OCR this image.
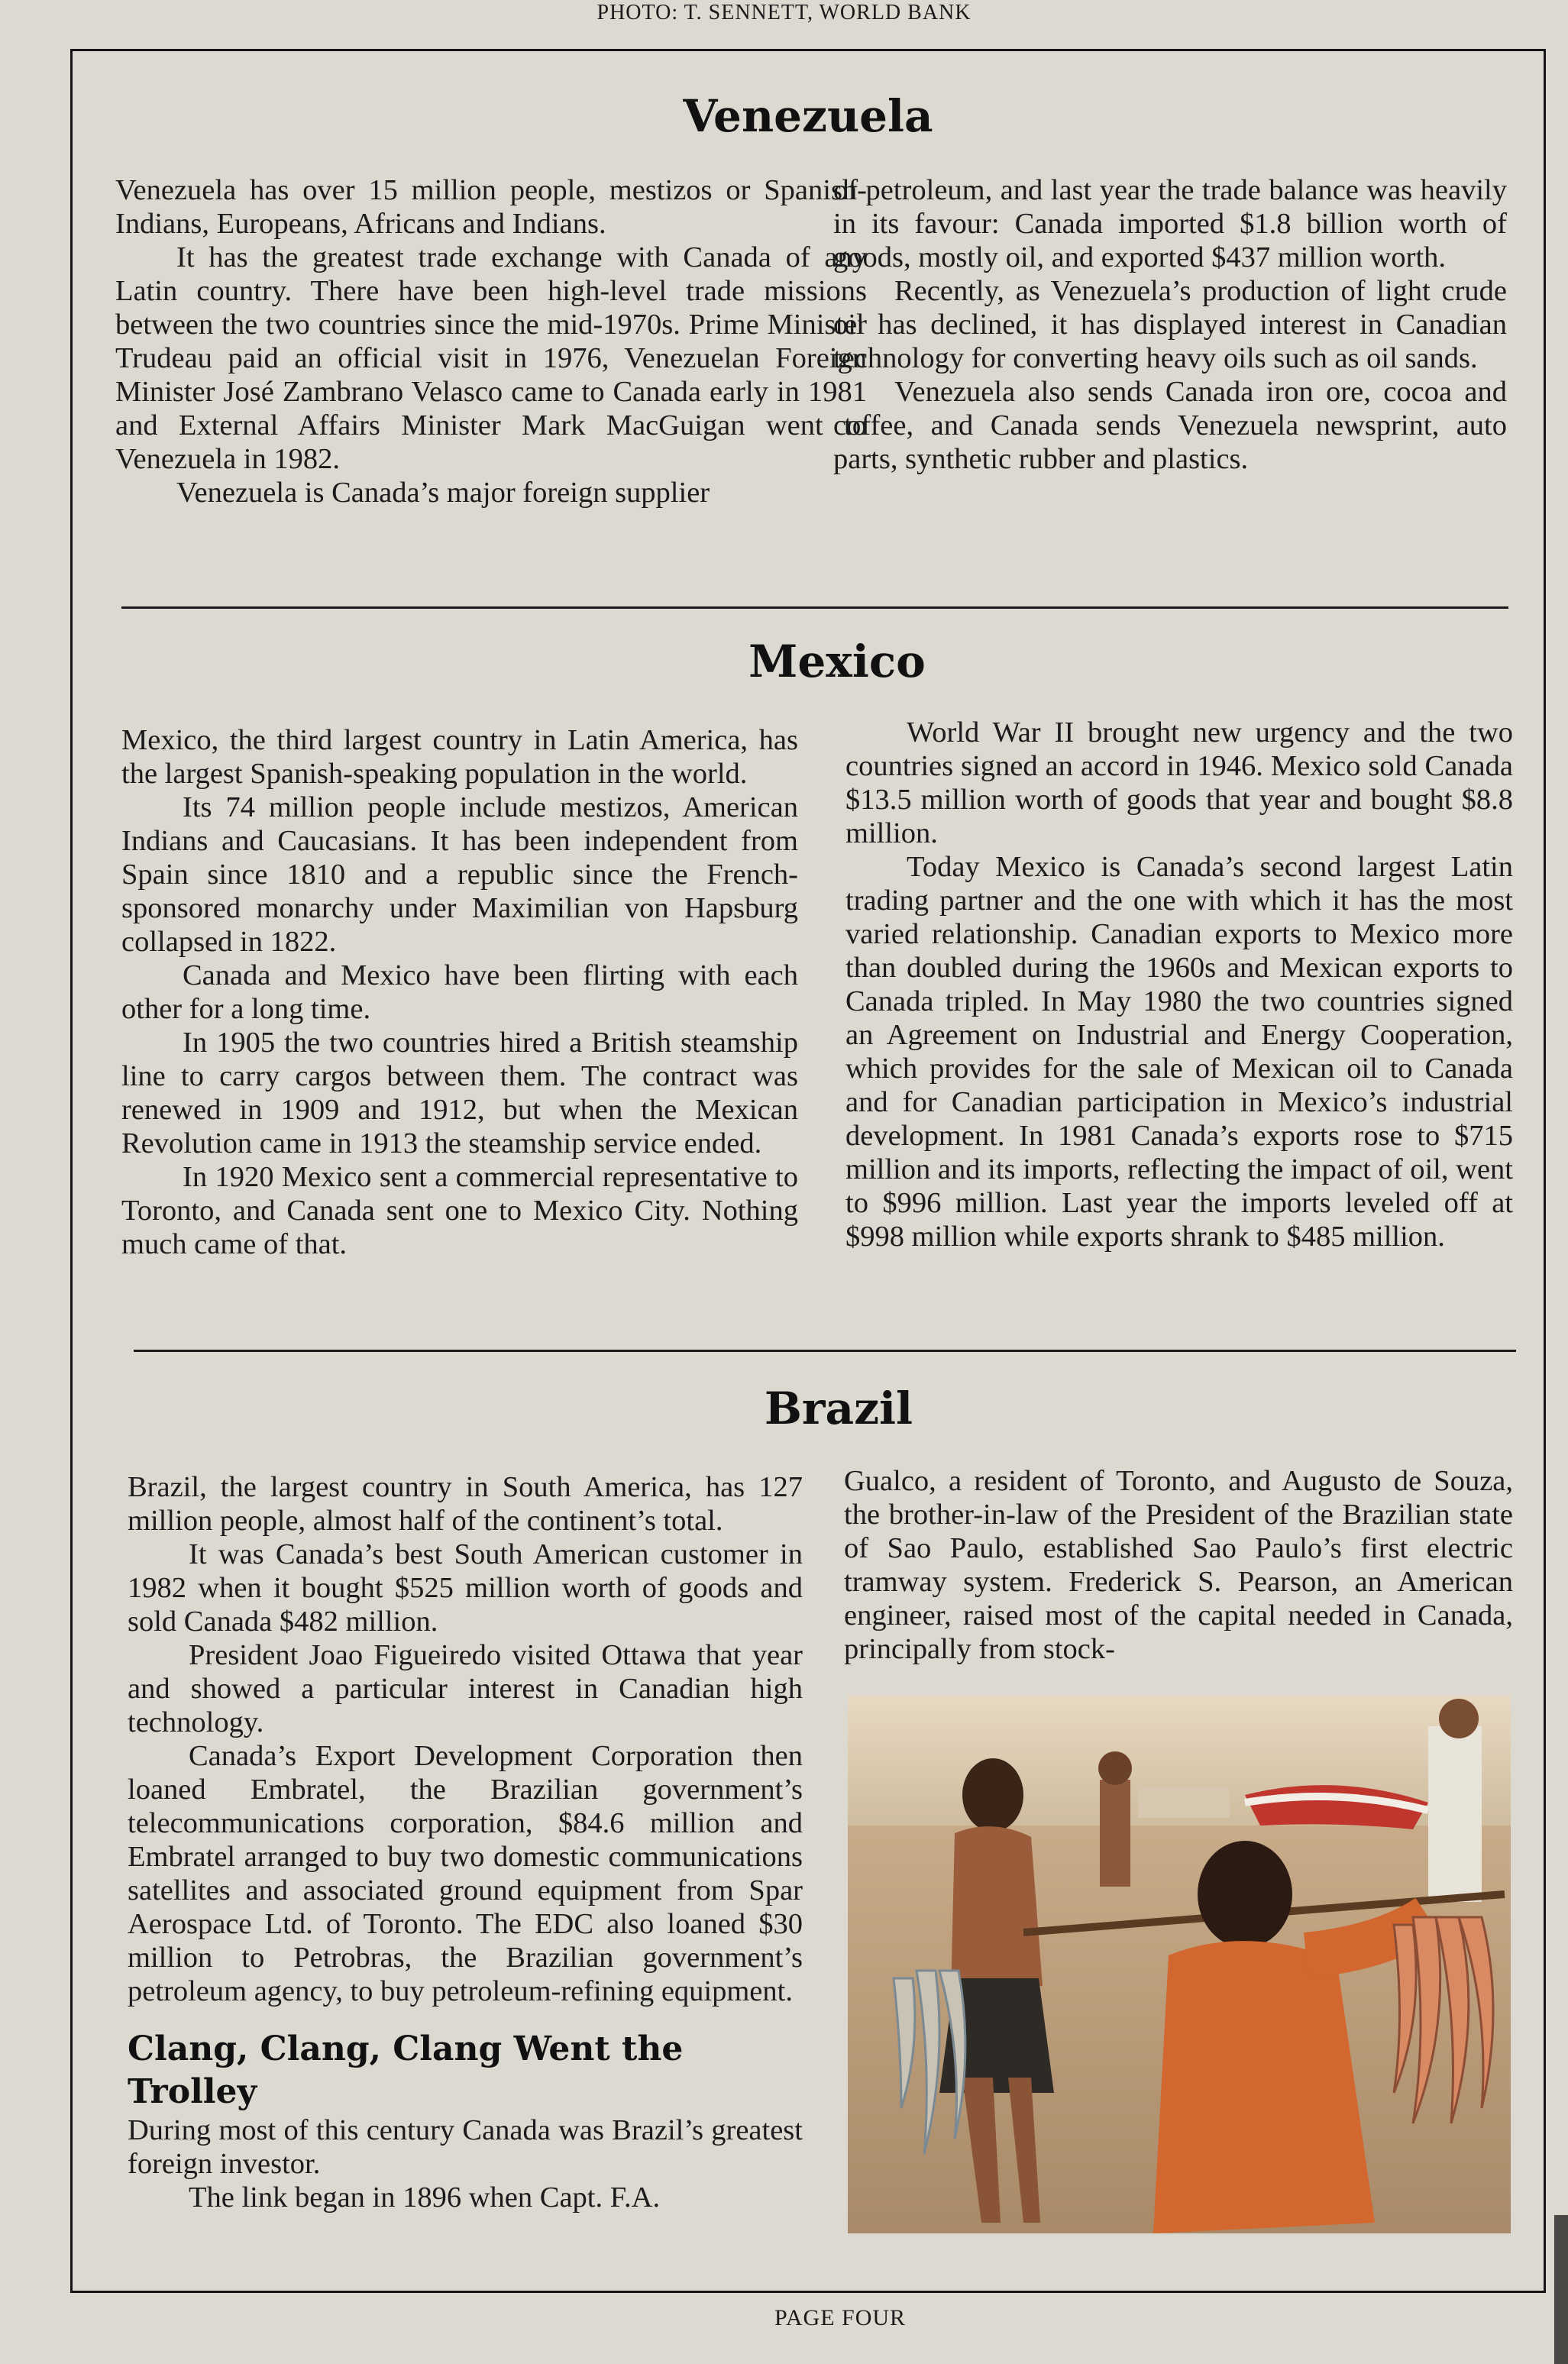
PHOTO: T. SENNETT, WORLD BANK
Venezuela

Venezuela has over 15 million people, mestizos or Spanish-Indians, Europeans, Africans and Indians.

It has the greatest trade exchange with Canada of any Latin country. There have been high-level trade missions between the two countries since the mid-1970s. Prime Minister Trudeau paid an official visit in 1976, Venezuelan Foreign Minister José Zambrano Velasco came to Canada early in 1981 and External Affairs Minister Mark MacGuigan went to Venezuela in 1982.

Venezuela is Canada’s major foreign supplier

of petroleum, and last year the trade balance was heavily in its favour: Canada imported $1.8 billion worth of goods, mostly oil, and exported $437 million worth.

Recently, as Venezuela’s production of light crude oil has declined, it has displayed interest in Canadian technology for converting heavy oils such as oil sands.

Venezuela also sends Canada iron ore, cocoa and coffee, and Canada sends Venezuela newsprint, auto parts, synthetic rubber and plastics.

Mexico

Mexico, the third largest country in Latin America, has the largest Spanish-speaking population in the world.

Its 74 million people include mestizos, American Indians and Caucasians. It has been independent from Spain since 1810 and a republic since the French-sponsored monarchy under Maximilian von Hapsburg collapsed in 1822.

Canada and Mexico have been flirting with each other for a long time.

In 1905 the two countries hired a British steamship line to carry cargos between them. The contract was renewed in 1909 and 1912, but when the Mexican Revolution came in 1913 the steamship service ended.

In 1920 Mexico sent a commercial representative to Toronto, and Canada sent one to Mexico City. Nothing much came of that.

World War II brought new urgency and the two countries signed an accord in 1946. Mexico sold Canada $13.5 million worth of goods that year and bought $8.8 million.

Today Mexico is Canada’s second largest Latin trading partner and the one with which it has the most varied relationship. Canadian exports to Mexico more than doubled during the 1960s and Mexican exports to Canada tripled. In May 1980 the two countries signed an Agreement on Industrial and Energy Cooperation, which provides for the sale of Mexican oil to Canada and for Canadian participation in Mexico’s industrial development. In 1981 Canada’s exports rose to $715 million and its imports, reflecting the impact of oil, went to $996 million. Last year the imports leveled off at $998 million while exports shrank to $485 million.

Brazil

Brazil, the largest country in South America, has 127 million people, almost half of the continent’s total.

It was Canada’s best South American customer in 1982 when it bought $525 million worth of goods and sold Canada $482 million.

President Joao Figueiredo visited Ottawa that year and showed a particular interest in Canadian high technology.

Canada’s Export Development Corporation then loaned Embratel, the Brazilian government’s telecommunications corporation, $84.6 million and Embratel arranged to buy two domestic communications satellites and associated ground equipment from Spar Aerospace Ltd. of Toronto. The EDC also loaned $30 million to Petrobras, the Brazilian government’s petroleum agency, to buy petroleum-refining equipment.

Clang, Clang, Clang Went the Trolley

During most of this century Canada was Brazil’s greatest foreign investor.

The link began in 1896 when Capt. F.A.

Gualco, a resident of Toronto, and Augusto de Souza, the brother-in-law of the President of the Brazilian state of Sao Paulo, established Sao Paulo’s first electric tramway system. Frederick S. Pearson, an American engineer, raised most of the capital needed in Canada, principally from stock-

PAGE FOUR
